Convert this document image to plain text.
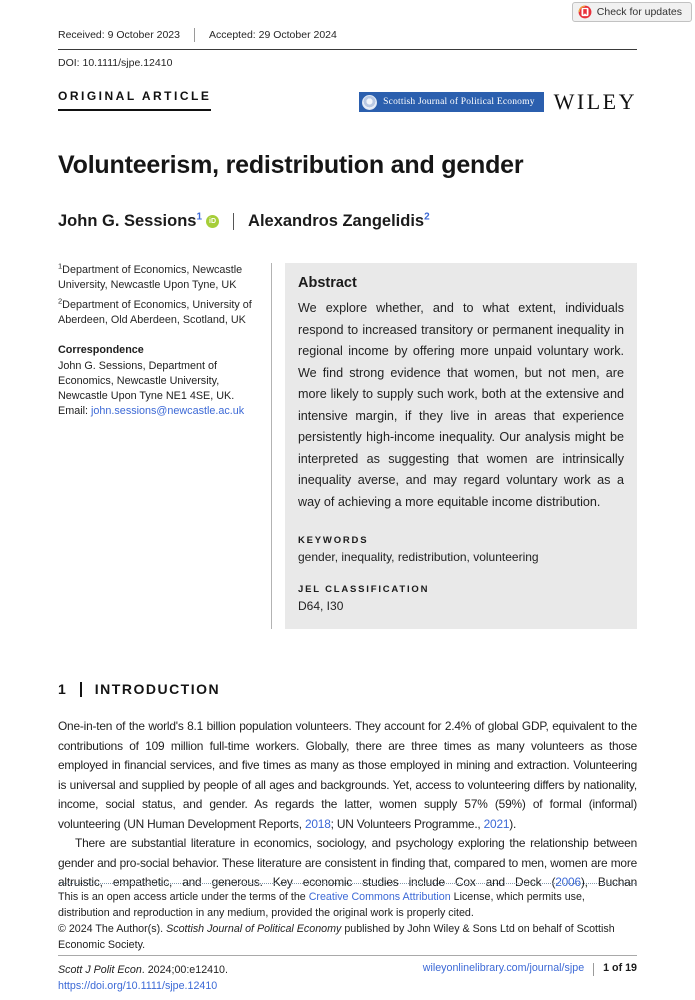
Check for updates
Received: 9 October 2023	Accepted: 29 October 2024
DOI: 10.1111/sjpe.12410
ORIGINAL ARTICLE	Scottish Journal of Political Economy WILEY
Volunteerism, redistribution and gender
John G. Sessions$^1$	iD Alexandros Zangelidis$^2$

$^1$Department of Economics, Newcastle University, Newcastle Upon Tyne, UK

$^2$Department of Economics, University of Aberdeen, Old Aberdeen, Scotland, UK

Correspondence

John G. Sessions, Department of Economics, Newcastle University, Newcastle Upon Tyne NE1 4SE, UK.

Email: john.sessions@newcastle.ac.uk

Abstract

We explore whether, and to what extent, individuals respond to increased transitory or permanent inequality in regional income by offering more unpaid voluntary work. We find strong evidence that women, but not men, are more likely to supply such work, both at the extensive and intensive margin, if they live in areas that experience persistently high-income inequality. Our analysis might be interpreted as suggesting that women are intrinsically inequality averse, and may regard voluntary work as a way of achieving a more equitable income distribution.

KEYWORDS

gender, inequality, redistribution, volunteering

JEL CLASSIFICATION

D64, I30

1 INTRODUCTION

One-in-ten of the world's 8.1 billion population volunteers. They account for 2.4% of global GDP, equivalent to the contributions of 109 million full-time workers. Globally, there are three times as many volunteers as those employed in financial services, and five times as many as those employed in mining and extraction. Volunteering is universal and supplied by people of all ages and backgrounds. Yet, access to volunteering differs by nationality, income, social status, and gender. As regards the latter, women supply 57% (59%) of formal (informal) volunteering (UN Human Development Reports, 2018; UN Volunteers Programme., 2021).

There are substantial literature in economics, sociology, and psychology exploring the relationship between gender and pro-social behavior. These literature are consistent in finding that, compared to men, women are more altruistic, empathetic, and generous. Key economic studies include Cox and Deck (2006), Buchan

This is an open access article under the terms of the Creative Commons Attribution License, which permits use, distribution and reproduction in any medium, provided the original work is properly cited.

© 2024 The Author(s). Scottish Journal of Political Economy published by John Wiley & Sons Ltd on behalf of Scottish Economic Society.

Scott J Polit Econ. 2024;00:e12410.
https://doi.org/10.1111/sjpe.12410
wileyonlinelibrary.com/journal/sjpe 1 of 19
